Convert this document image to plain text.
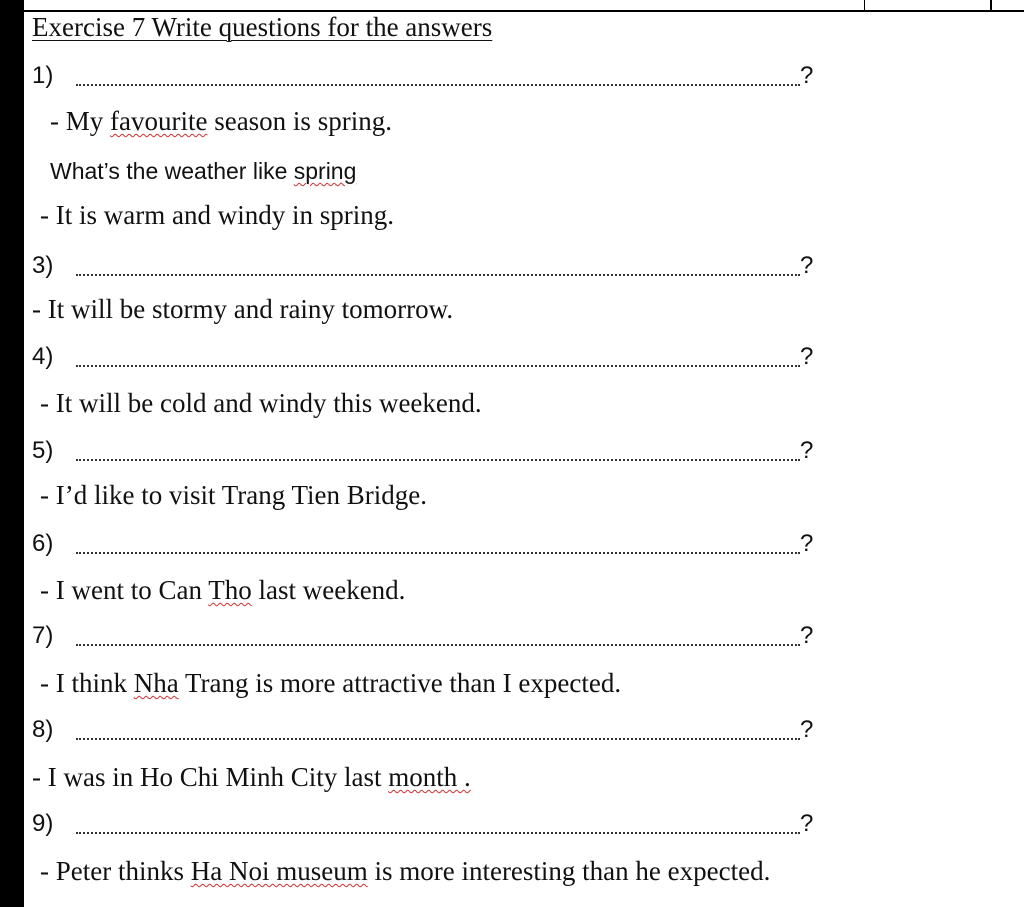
Exercise 7 Write questions for the answers
1)	?
- My favourite season is spring.
What’s the weather like spring
- It is warm and windy in spring.
3)	?
- It will be stormy and rainy tomorrow.
4)	?
- It will be cold and windy this weekend.
5)	?
- I’d like to visit Trang Tien Bridge.
6)	?
- I went to Can Tho last weekend.
7)	?
- I think Nha Trang is more attractive than I expected.
8)	?
- I was in Ho Chi Minh City last month .
9)	?
- Peter thinks Ha Noi museum is more interesting than he expected.
